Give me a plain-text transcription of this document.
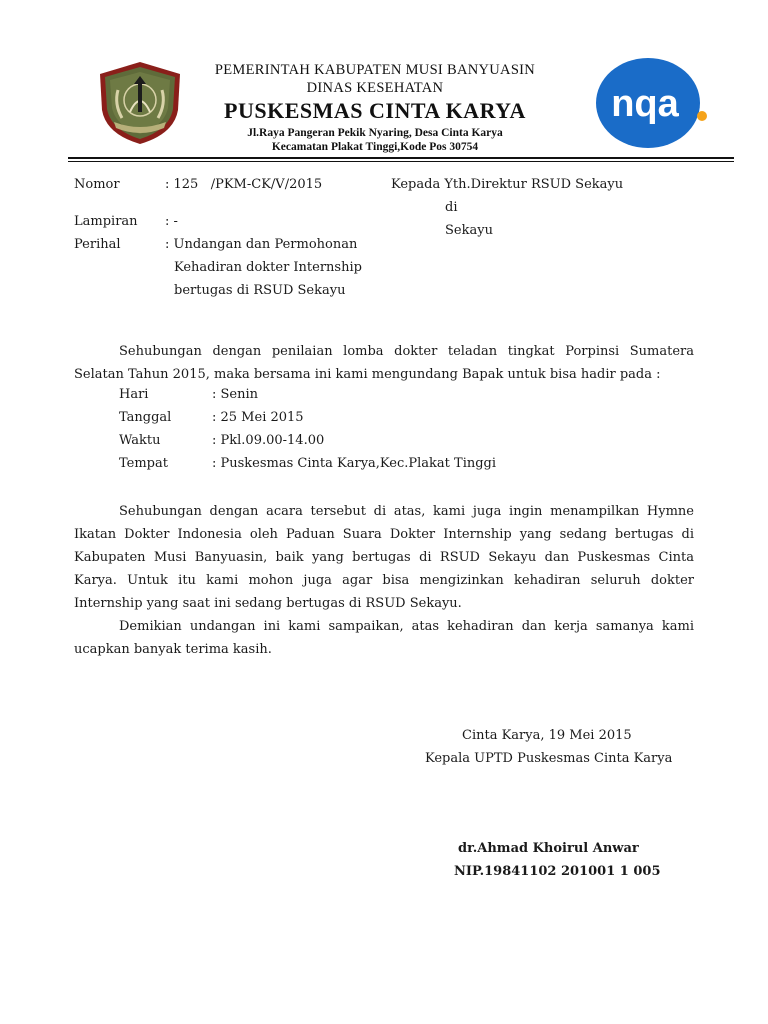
PEMERINTAH KABUPATEN MUSI BANYUASIN
DINAS KESEHATAN
PUSKESMAS CINTA KARYA
Jl.Raya Pangeran Pekik Nyaring, Desa Cinta Karya
Kecamatan Plakat Tinggi,Kode Pos 30754
nqa
Nomor	: 125   /PKM-CK/V/2015
Lampiran : -
Perihal	: Undangan dan Permohonan
Kehadiran dokter Internship
bertugas di RSUD Sekayu
Kepada Yth.Direktur RSUD Sekayu
di
Sekayu

Sehubungan dengan penilaian lomba dokter teladan tingkat Porpinsi Sumatera Selatan Tahun 2015, maka bersama ini kami mengundang Bapak untuk bisa hadir pada :

Hari	: Senin
Tanggal	: 25 Mei 2015
Waktu	: Pkl.09.00-14.00
Tempat	: Puskesmas Cinta Karya,Kec.Plakat Tinggi

Sehubungan dengan acara tersebut di atas, kami juga ingin menampilkan Hymne Ikatan Dokter Indonesia oleh Paduan Suara Dokter Internship yang sedang bertugas di Kabupaten Musi Banyuasin, baik yang bertugas di RSUD Sekayu dan Puskesmas Cinta Karya. Untuk itu kami mohon juga agar bisa mengizinkan kehadiran seluruh dokter Internship yang saat ini sedang bertugas di RSUD Sekayu.

Demikian undangan ini kami sampaikan, atas kehadiran dan kerja samanya kami ucapkan banyak terima kasih.

Cinta Karya, 19 Mei 2015
Kepala UPTD Puskesmas Cinta Karya
dr.Ahmad Khoirul Anwar
NIP.19841102 201001 1 005
